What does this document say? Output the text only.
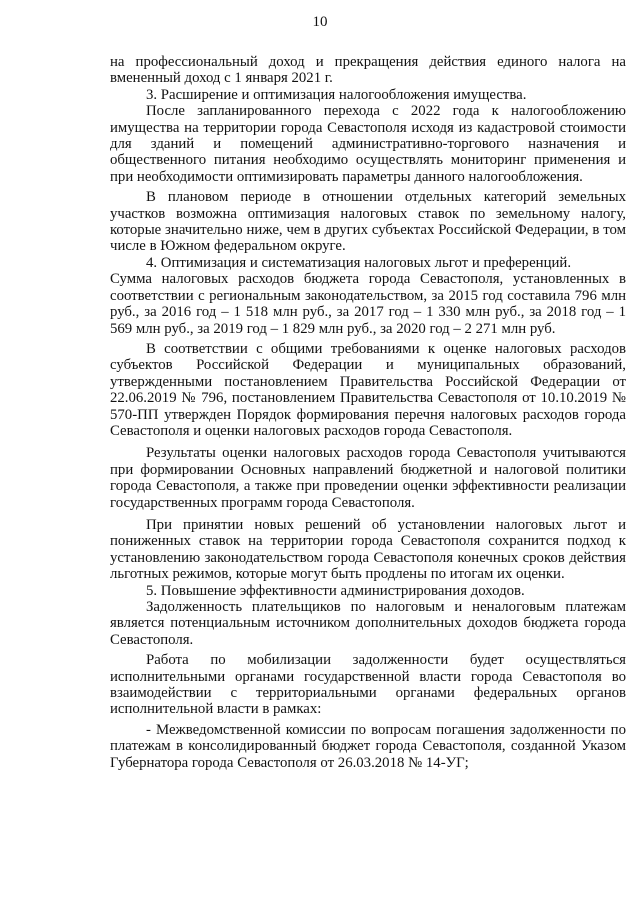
10

на профессиональный доход и прекращения действия единого налога на вмененный доход с 1 января 2021 г.

3. Расширение и оптимизация налогообложения имущества.

После запланированного перехода с 2022 года к налогообложению имущества на территории города Севастополя исходя из кадастровой стоимости для зданий и помещений административно-торгового назначения и общественного питания необходимо осуществлять мониторинг применения и при необходимости оптимизировать параметры данного налогообложения.

В плановом периоде в отношении отдельных категорий земельных участков возможна оптимизация налоговых ставок по земельному налогу, которые значительно ниже, чем в других субъектах Российской Федерации, в том числе в Южном федеральном округе.

4. Оптимизация и систематизация налоговых льгот и преференций.

Сумма налоговых расходов бюджета города Севастополя, установленных в соответствии с региональным законодательством, за 2015 год составила 796 млн руб., за 2016 год – 1 518 млн руб., за 2017 год – 1 330 млн руб., за 2018 год – 1 569 млн руб., за 2019 год – 1 829 млн руб., за 2020 год – 2 271 млн руб.

В соответствии с общими требованиями к оценке налоговых расходов субъектов Российской Федерации и муниципальных образований, утвержденными постановлением Правительства Российской Федерации от 22.06.2019 № 796, постановлением Правительства Севастополя от 10.10.2019 № 570-ПП утвержден Порядок формирования перечня налоговых расходов города Севастополя и оценки налоговых расходов города Севастополя.

Результаты оценки налоговых расходов города Севастополя учитываются при формировании Основных направлений бюджетной и налоговой политики города Севастополя, а также при проведении оценки эффективности реализации государственных программ города Севастополя.

При принятии новых решений об установлении налоговых льгот и пониженных ставок на территории города Севастополя сохранится подход к установлению законодательством города Севастополя конечных сроков действия льготных режимов, которые могут быть продлены по итогам их оценки.

5. Повышение эффективности администрирования доходов.

Задолженность плательщиков по налоговым и неналоговым платежам является потенциальным источником дополнительных доходов бюджета города Севастополя.

Работа по мобилизации задолженности будет осуществляться исполнительными органами государственной власти города Севастополя во взаимодействии с территориальными органами федеральных органов исполнительной власти в рамках:

- Межведомственной комиссии по вопросам погашения задолженности по платежам в консолидированный бюджет города Севастополя, созданной Указом Губернатора города Севастополя от 26.03.2018 № 14-УГ;
